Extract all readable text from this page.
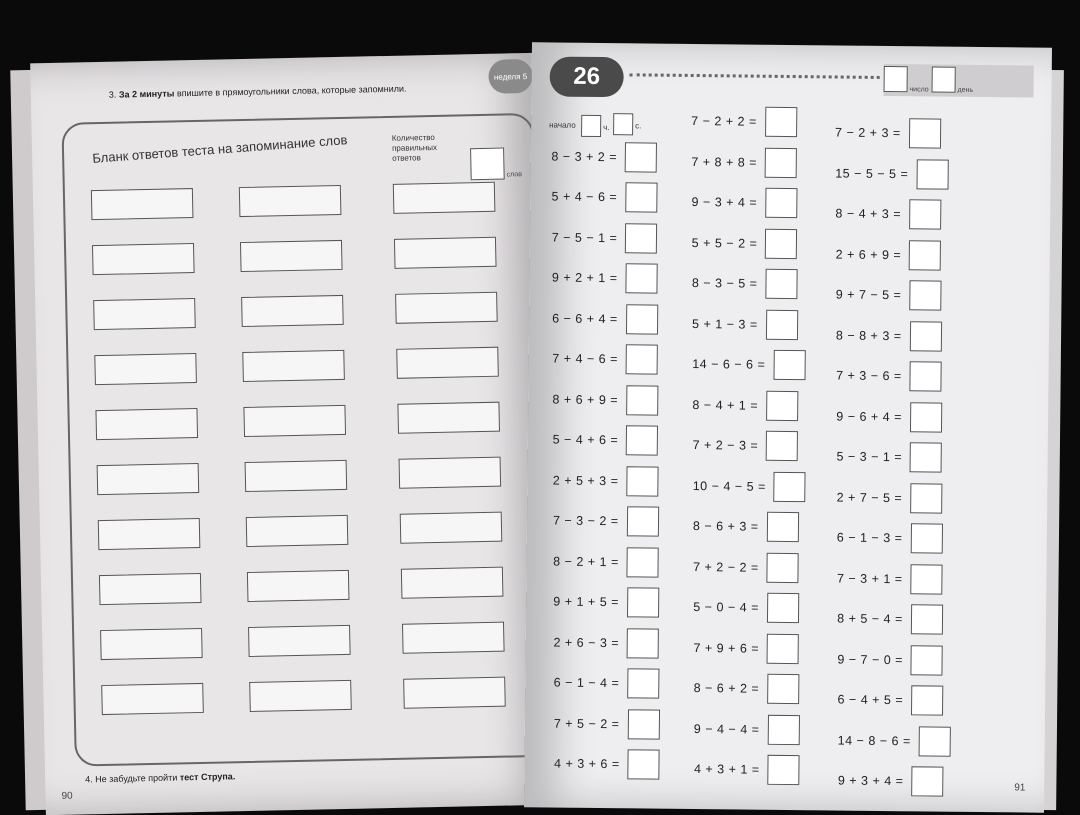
3. За 2 минуты впишите в прямоугольники слова, которые запомнили.
неделя 5
Бланк ответов теста на запоминание слов	Количество правильных ответов
слов
4. Не забудьте пройти тест Струпа.
90
26	число	день
начало	ч.	с.
8 − 3 + 2 =
5 + 4 − 6 =
7 − 5 − 1 =
9 + 2 + 1 =
6 − 6 + 4 =
7 + 4 − 6 =
8 + 6 + 9 =
5 − 4 + 6 =
2 + 5 + 3 =
7 − 3 − 2 =
8 − 2 + 1 =
9 + 1 + 5 =
2 + 6 − 3 =
6 − 1 − 4 =
7 + 5 − 2 =
4 + 3 + 6 =
7 − 2 + 2 =
7 + 8 + 8 =
9 − 3 + 4 =
5 + 5 − 2 =
8 − 3 − 5 =
5 + 1 − 3 =
14 − 6 − 6 =
8 − 4 + 1 =
7 + 2 − 3 =
10 − 4 − 5 =
8 − 6 + 3 =
7 + 2 − 2 =
5 − 0 − 4 =
7 + 9 + 6 =
8 − 6 + 2 =
9 − 4 − 4 =
4 + 3 + 1 =
7 − 2 + 3 =
15 − 5 − 5 =
8 − 4 + 3 =
2 + 6 + 9 =
9 + 7 − 5 =
8 − 8 + 3 =
7 + 3 − 6 =
9 − 6 + 4 =
5 − 3 − 1 =
2 + 7 − 5 =
6 − 1 − 3 =
7 − 3 + 1 =
8 + 5 − 4 =
9 − 7 − 0 =
6 − 4 + 5 =
14 − 8 − 6 =
9 + 3 + 4 =	91
